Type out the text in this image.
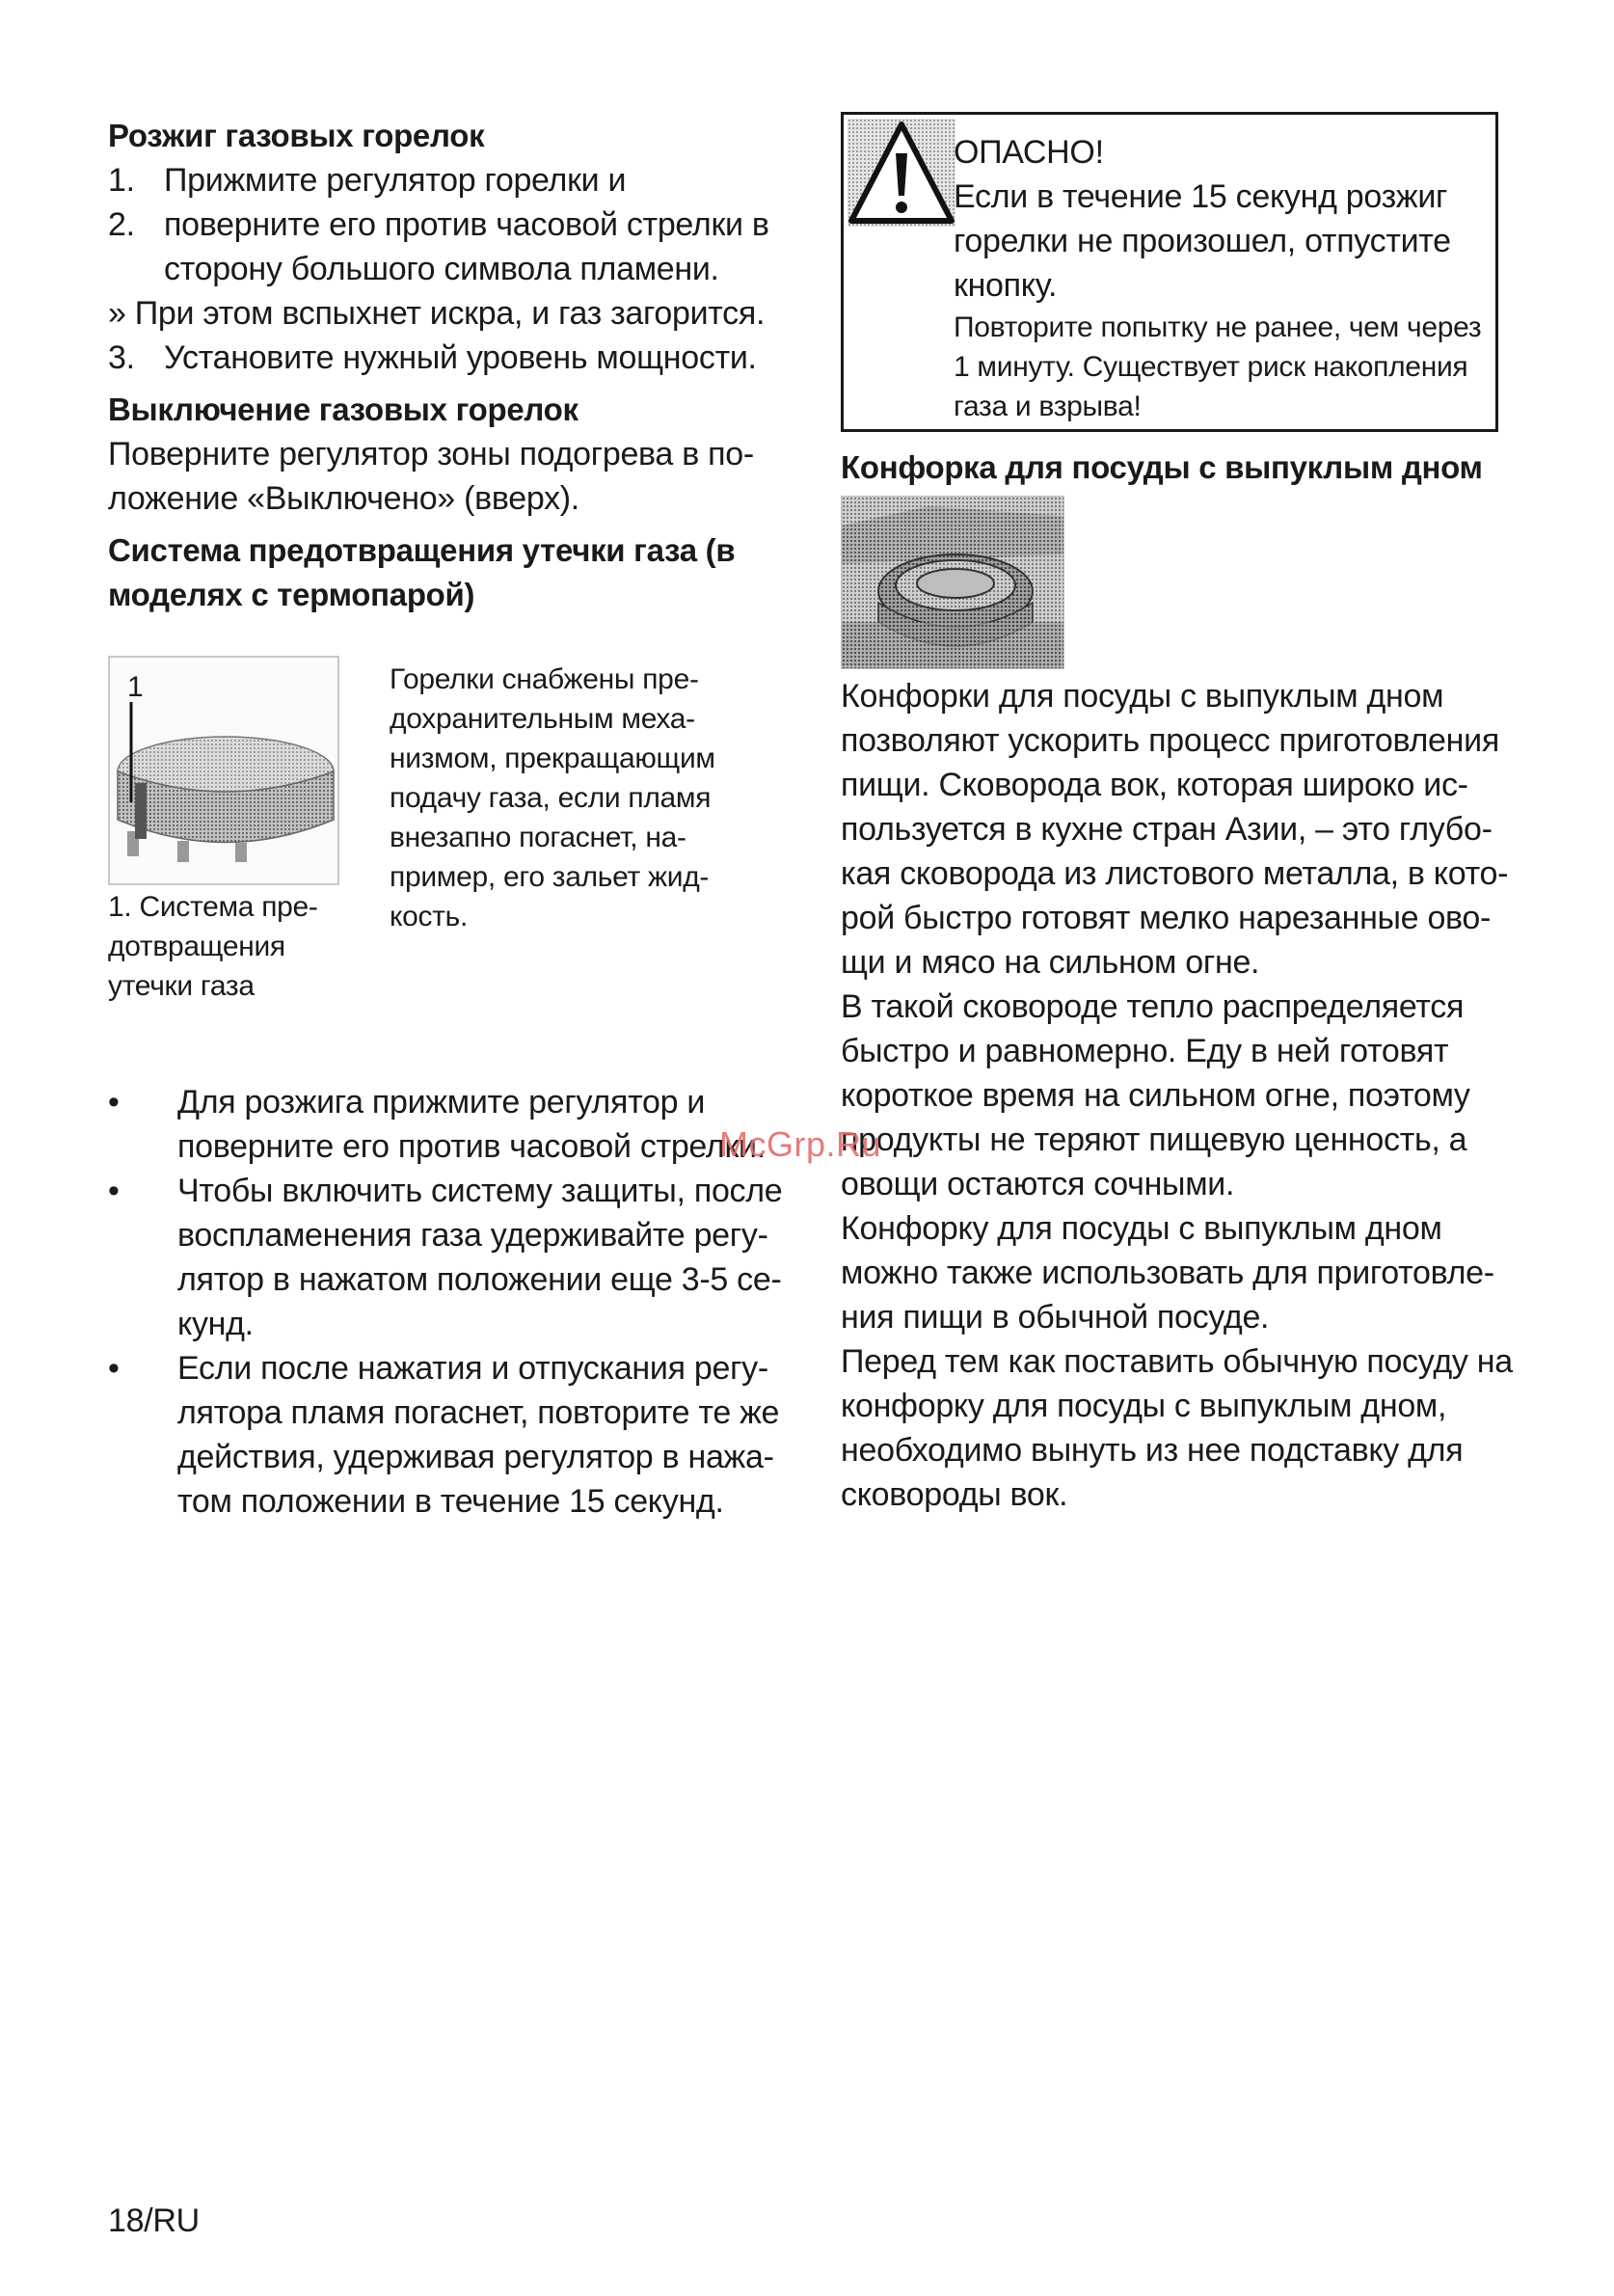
Розжиг газовых горелок
1. Прижмите регулятор горелки и
2. поверните его против часовой стрелки в
сторону большого символа пламени.
» При этом вспыхнет искра, и газ загорится.
3. Установите нужный уровень мощности.
Выключение газовых горелок

Поверните регулятор зоны подогрева в по-

ложение «Выключено» (вверх).

Система предотвращения утечки газа (в
моделях с термопарой)
1
1. Система пре-
дотвращения
утечки газа
Горелки снабжены пре-
дохранительным меха-
низмом, прекращающим
подачу газа, если пламя
внезапно погаснет, на-
пример, его зальет жид-
кость.
• Для розжига прижмите регулятор и
поверните его против часовой стрелки.
• Чтобы включить систему защиты, после
воспламенения газа удерживайте регу-
лятор в нажатом положении еще 3-5 се-
кунд.
• Если после нажатия и отпускания регу-
лятора пламя погаснет, повторите те же
действия, удерживая регулятор в нажа-
том положении в течение 15 секунд.
ОПАСНО!
Если в течение 15 секунд розжиг
горелки не произошел, отпустите
кнопку.
Повторите попытку не ранее, чем через
1 минуту. Существует риск накопления
газа и взрыва!
Конфорка для посуды с выпуклым дном

Конфорки для посуды с выпуклым дном

позволяют ускорить процесс приготовления

пищи. Сковорода вок, которая широко ис-

пользуется в кухне стран Азии, – это глубо-

кая сковорода из листового металла, в кото-

рой быстро готовят мелко нарезанные ово-

щи и мясо на сильном огне.

В такой сковороде тепло распределяется

быстро и равномерно. Еду в ней готовят

короткое время на сильном огне, поэтому

продукты не теряют пищевую ценность, а

овощи остаются сочными.

Конфорку для посуды с выпуклым дном

можно также использовать для приготовле-

ния пищи в обычной посуде.

Перед тем как поставить обычную посуду на

конфорку для посуды с выпуклым дном,

необходимо вынуть из нее подставку для

сковороды вок.

McGrp.Ru
18/RU
